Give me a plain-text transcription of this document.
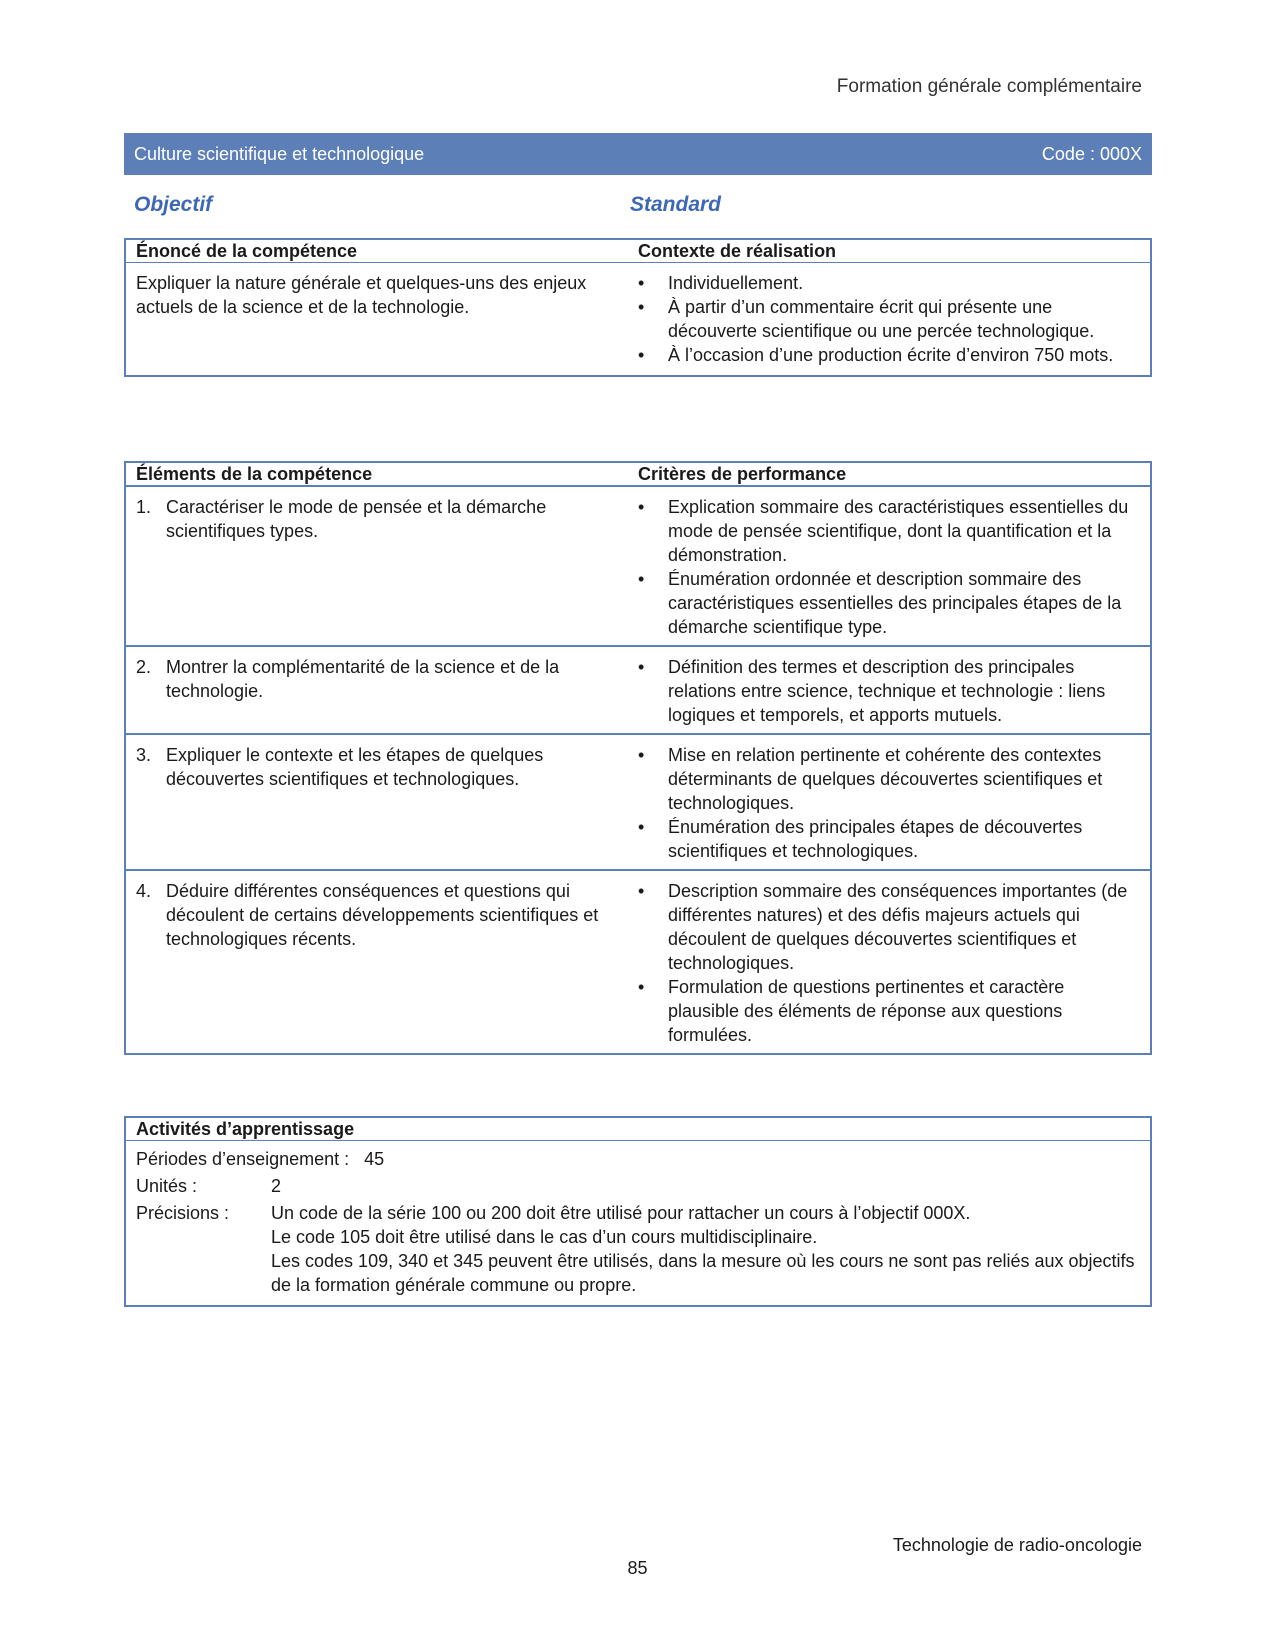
Formation générale complémentaire
Culture scientifique et technologique	Code : 000X
Objectif	Standard
Énoncé de la compétence	Contexte de réalisation
Expliquer la nature générale et quelques-uns des enjeux actuels de la science et de la technologie.
• Individuellement.
• À partir d’un commentaire écrit qui présente une découverte scientifique ou une percée technologique.
• À l’occasion d’une production écrite d’environ 750 mots.
Éléments de la compétence	Critères de performance
1. Caractériser le mode de pensée et la démarche scientifiques types.
• Explication sommaire des caractéristiques essentielles du mode de pensée scientifique, dont la quantification et la démonstration.
• Énumération ordonnée et description sommaire des caractéristiques essentielles des principales étapes de la démarche scientifique type.
2. Montrer la complémentarité de la science et de la technologie.
• Définition des termes et description des principales relations entre science, technique et technologie : liens logiques et temporels, et apports mutuels.
3. Expliquer le contexte et les étapes de quelques découvertes scientifiques et technologiques.
• Mise en relation pertinente et cohérente des contextes déterminants de quelques découvertes scientifiques et technologiques.
• Énumération des principales étapes de découvertes scientifiques et technologiques.
4. Déduire différentes conséquences et questions qui découlent de certains développements scientifiques et technologiques récents.
• Description sommaire des conséquences importantes (de différentes natures) et des défis majeurs actuels qui découlent de quelques découvertes scientifiques et technologiques.
• Formulation de questions pertinentes et caractère plausible des éléments de réponse aux questions formulées.
Activités d’apprentissage
Périodes d’enseignement :
45
Unités :	2
Précisions :	Un code de la série 100 ou 200 doit être utilisé pour rattacher un cours à l’objectif 000X.
Le code 105 doit être utilisé dans le cas d’un cours multidisciplinaire.
Les codes 109, 340 et 345 peuvent être utilisés, dans la mesure où les cours ne sont pas reliés aux objectifs de la formation générale commune ou propre.
Technologie de radio-oncologie
85
